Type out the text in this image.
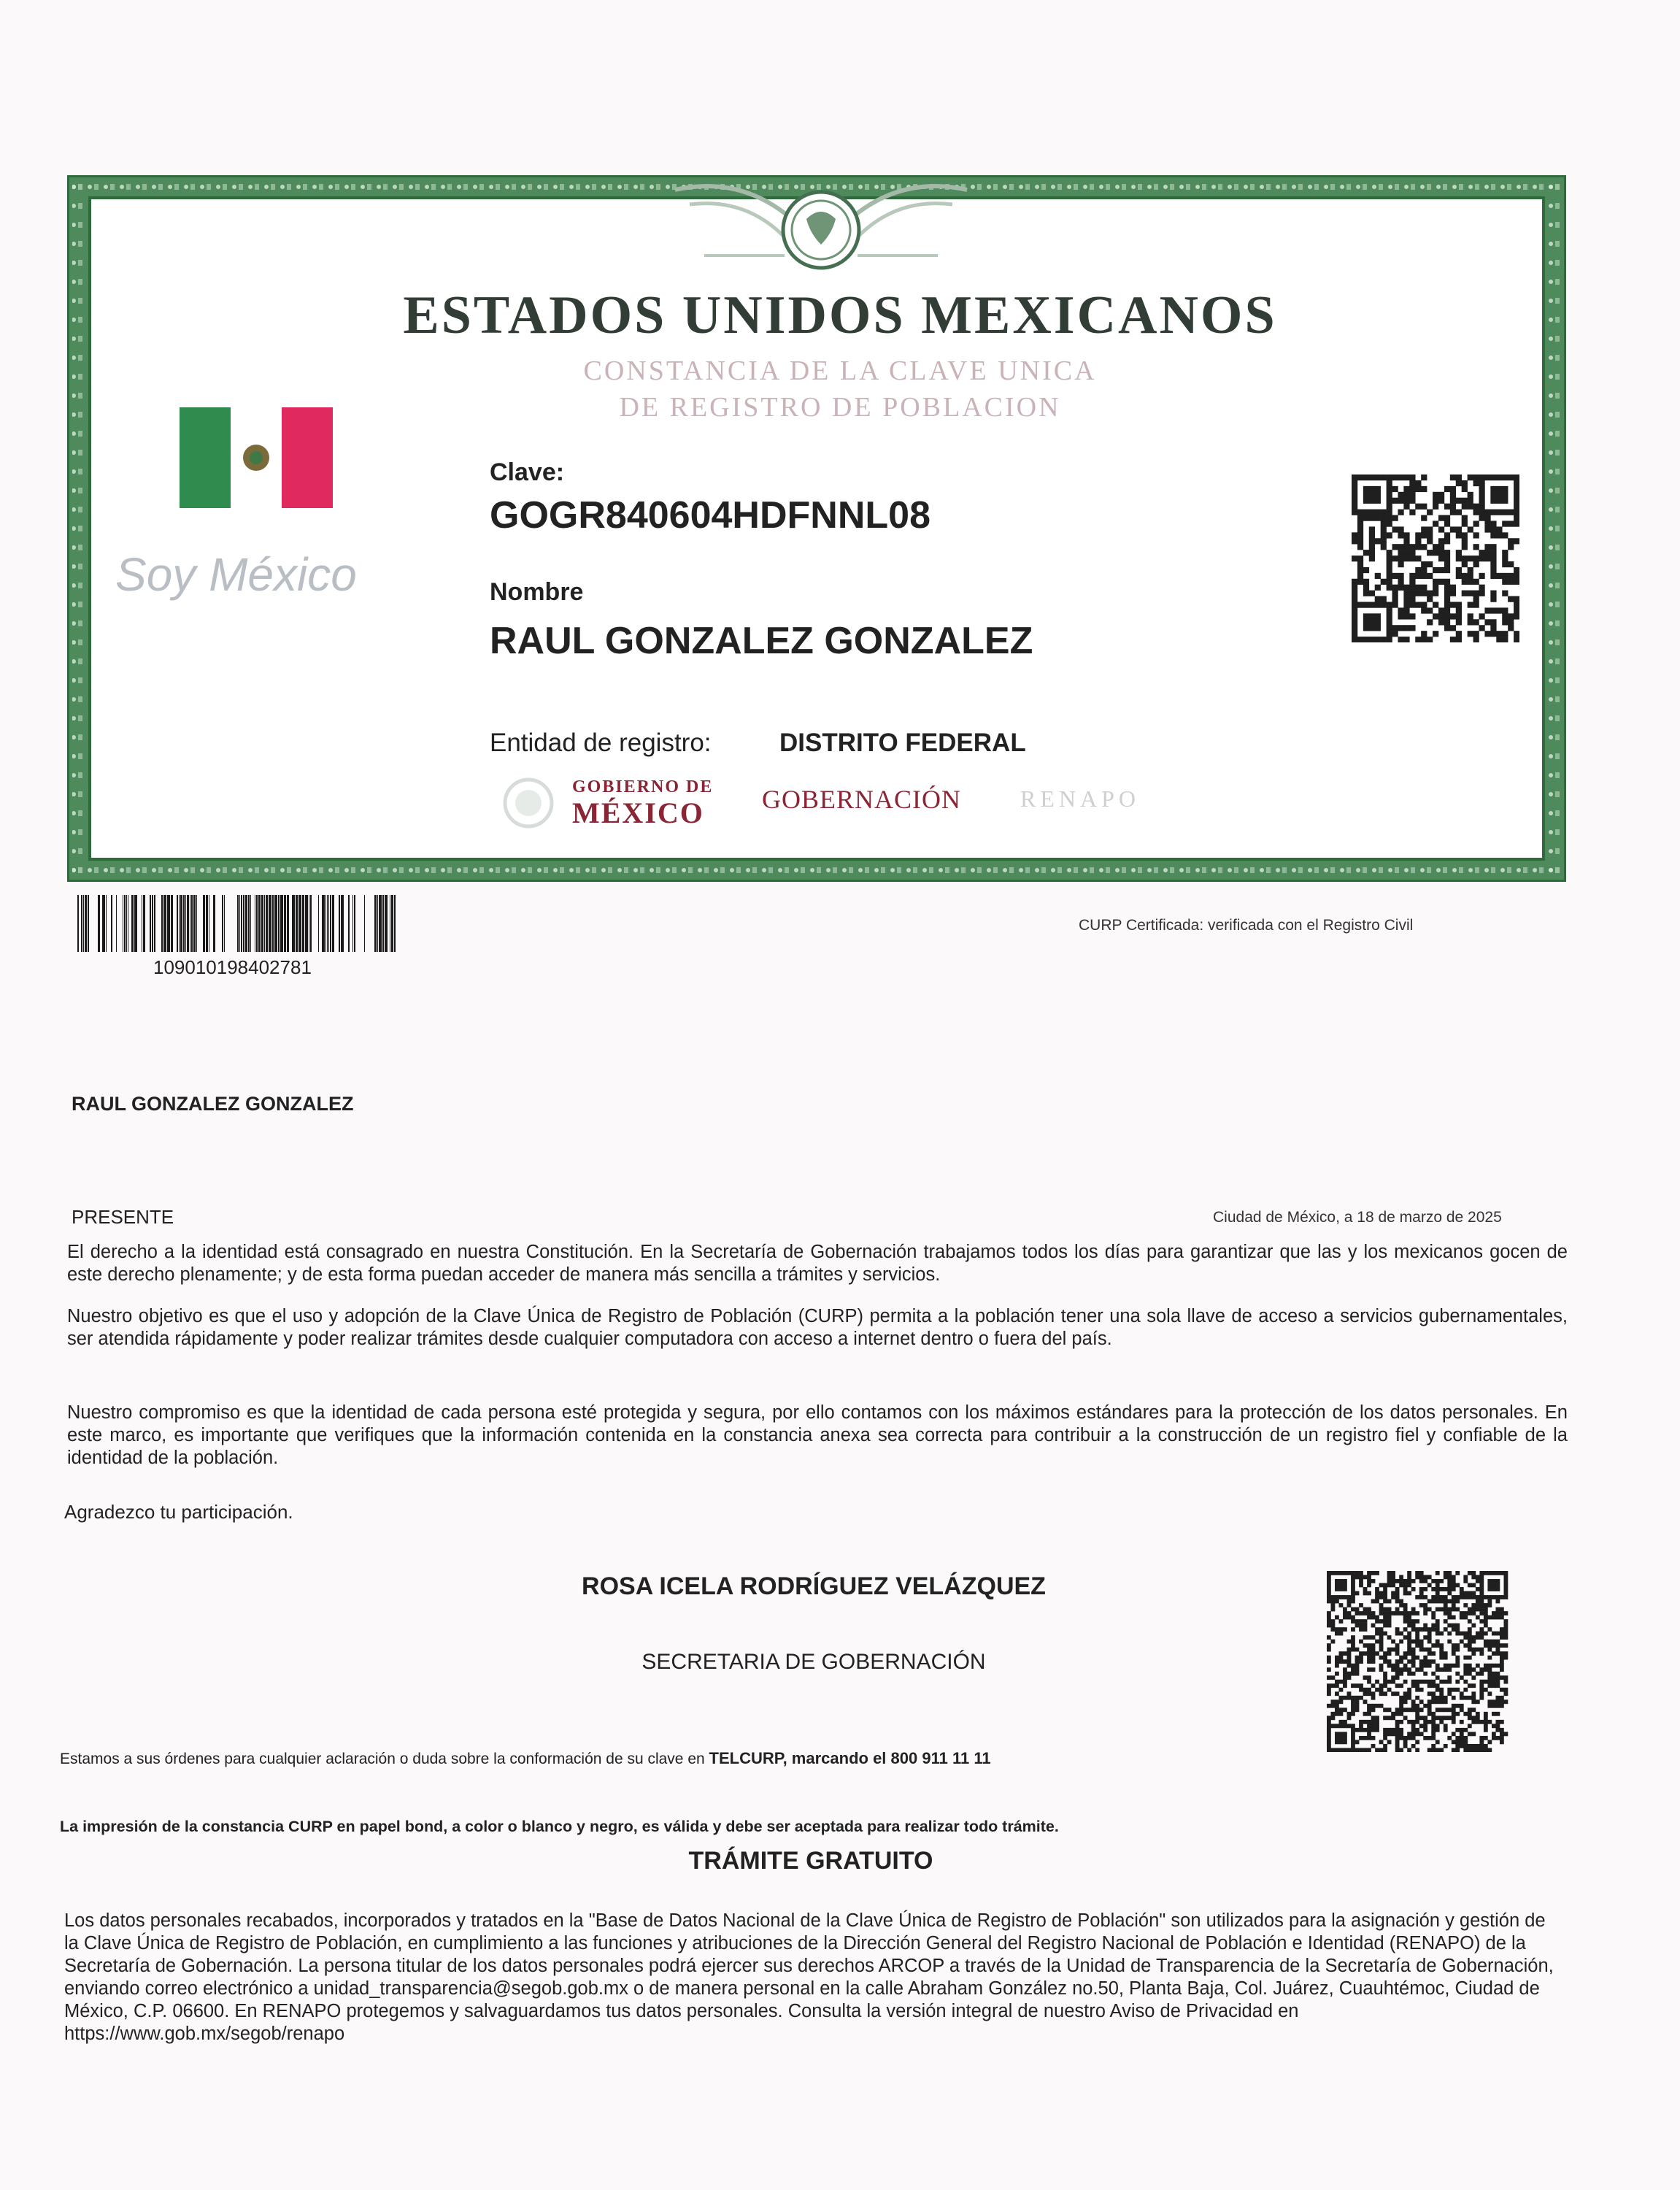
ESTADOS UNIDOS MEXICANOS
CONSTANCIA DE LA CLAVE UNICA
DE REGISTRO DE POBLACION
Soy México
Clave:
GOGR840604HDFNNL08
Nombre
RAUL GONZALEZ GONZALEZ
Entidad de registro:	DISTRITO FEDERAL
GOBIERNO DE
MÉXICO GOBERNACIÓN	RENAPO
109010198402781
CURP Certificada: verificada con el Registro Civil
RAUL GONZALEZ GONZALEZ
PRESENTE	Ciudad de México, a 18 de marzo de 2025
El derecho a la identidad está consagrado en nuestra Constitución. En la Secretaría de Gobernación trabajamos todos los días para garantizar que las y los mexicanos gocen de este derecho plenamente; y de esta forma puedan acceder de manera más sencilla a trámites y servicios.
Nuestro objetivo es que el uso y adopción de la Clave Única de Registro de Población (CURP) permita a la población tener una sola llave de acceso a servicios gubernamentales, ser atendida rápidamente y poder realizar trámites desde cualquier computadora con acceso a internet dentro o fuera del país.
Nuestro compromiso es que la identidad de cada persona esté protegida y segura, por ello contamos con los máximos estándares para la protección de los datos personales. En este marco, es importante que verifiques que la información contenida en la constancia anexa sea correcta para contribuir a la construcción de un registro fiel y confiable de la identidad de la población.
Agradezco tu participación.
ROSA ICELA RODRÍGUEZ VELÁZQUEZ
SECRETARIA DE GOBERNACIÓN
Estamos a sus órdenes para cualquier aclaración o duda sobre la conformación de su clave en TELCURP, marcando el 800 911 11 11
La impresión de la constancia CURP en papel bond, a color o blanco y negro, es válida y debe ser aceptada para realizar todo trámite.
TRÁMITE GRATUITO
Los datos personales recabados, incorporados y tratados en la "Base de Datos Nacional de la Clave Única de Registro de Población" son utilizados para la asignación y gestión de la Clave Única de Registro de Población, en cumplimiento a las funciones y atribuciones de la Dirección General del Registro Nacional de Población e Identidad (RENAPO) de la Secretaría de Gobernación. La persona titular de los datos personales podrá ejercer sus derechos ARCOP a través de la Unidad de Transparencia de la Secretaría de Gobernación, enviando correo electrónico a unidad_transparencia@segob.gob.mx o de manera personal en la calle Abraham González no.50, Planta Baja, Col. Juárez, Cuauhtémoc, Ciudad de México, C.P. 06600. En RENAPO protegemos y salvaguardamos tus datos personales. Consulta la versión integral de nuestro Aviso de Privacidad en https://www.gob.mx/segob/renapo
